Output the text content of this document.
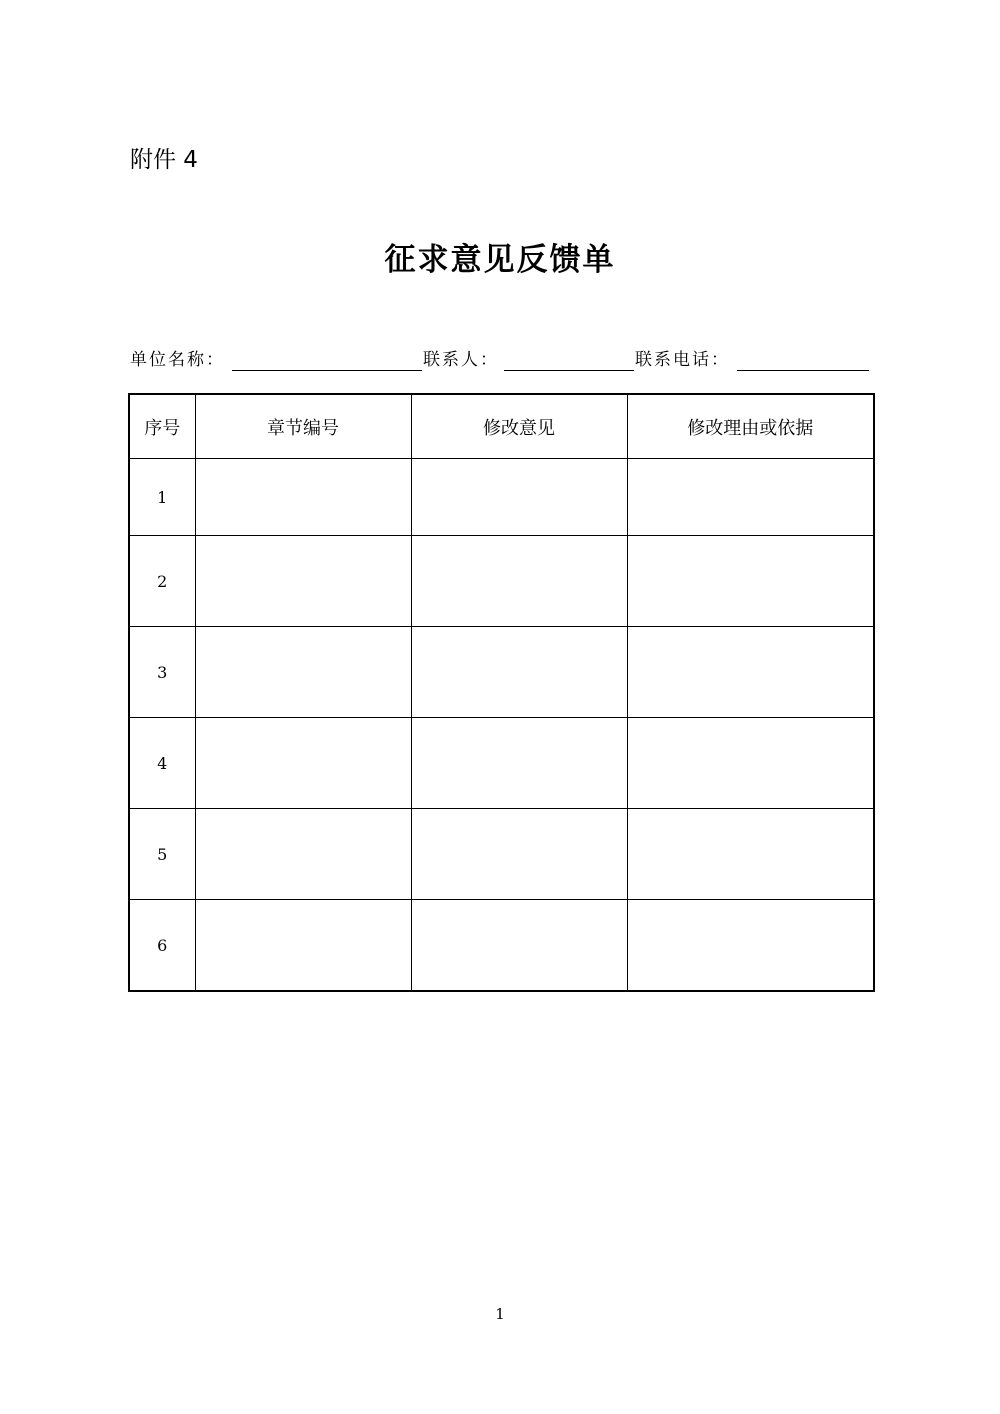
附件 4
征求意见反馈单
单位名称：	联系人：	联系电话：
序号	章节编号	修改意见	修改理由或依据
1			
2			
3			
4			
5			
6			
1
